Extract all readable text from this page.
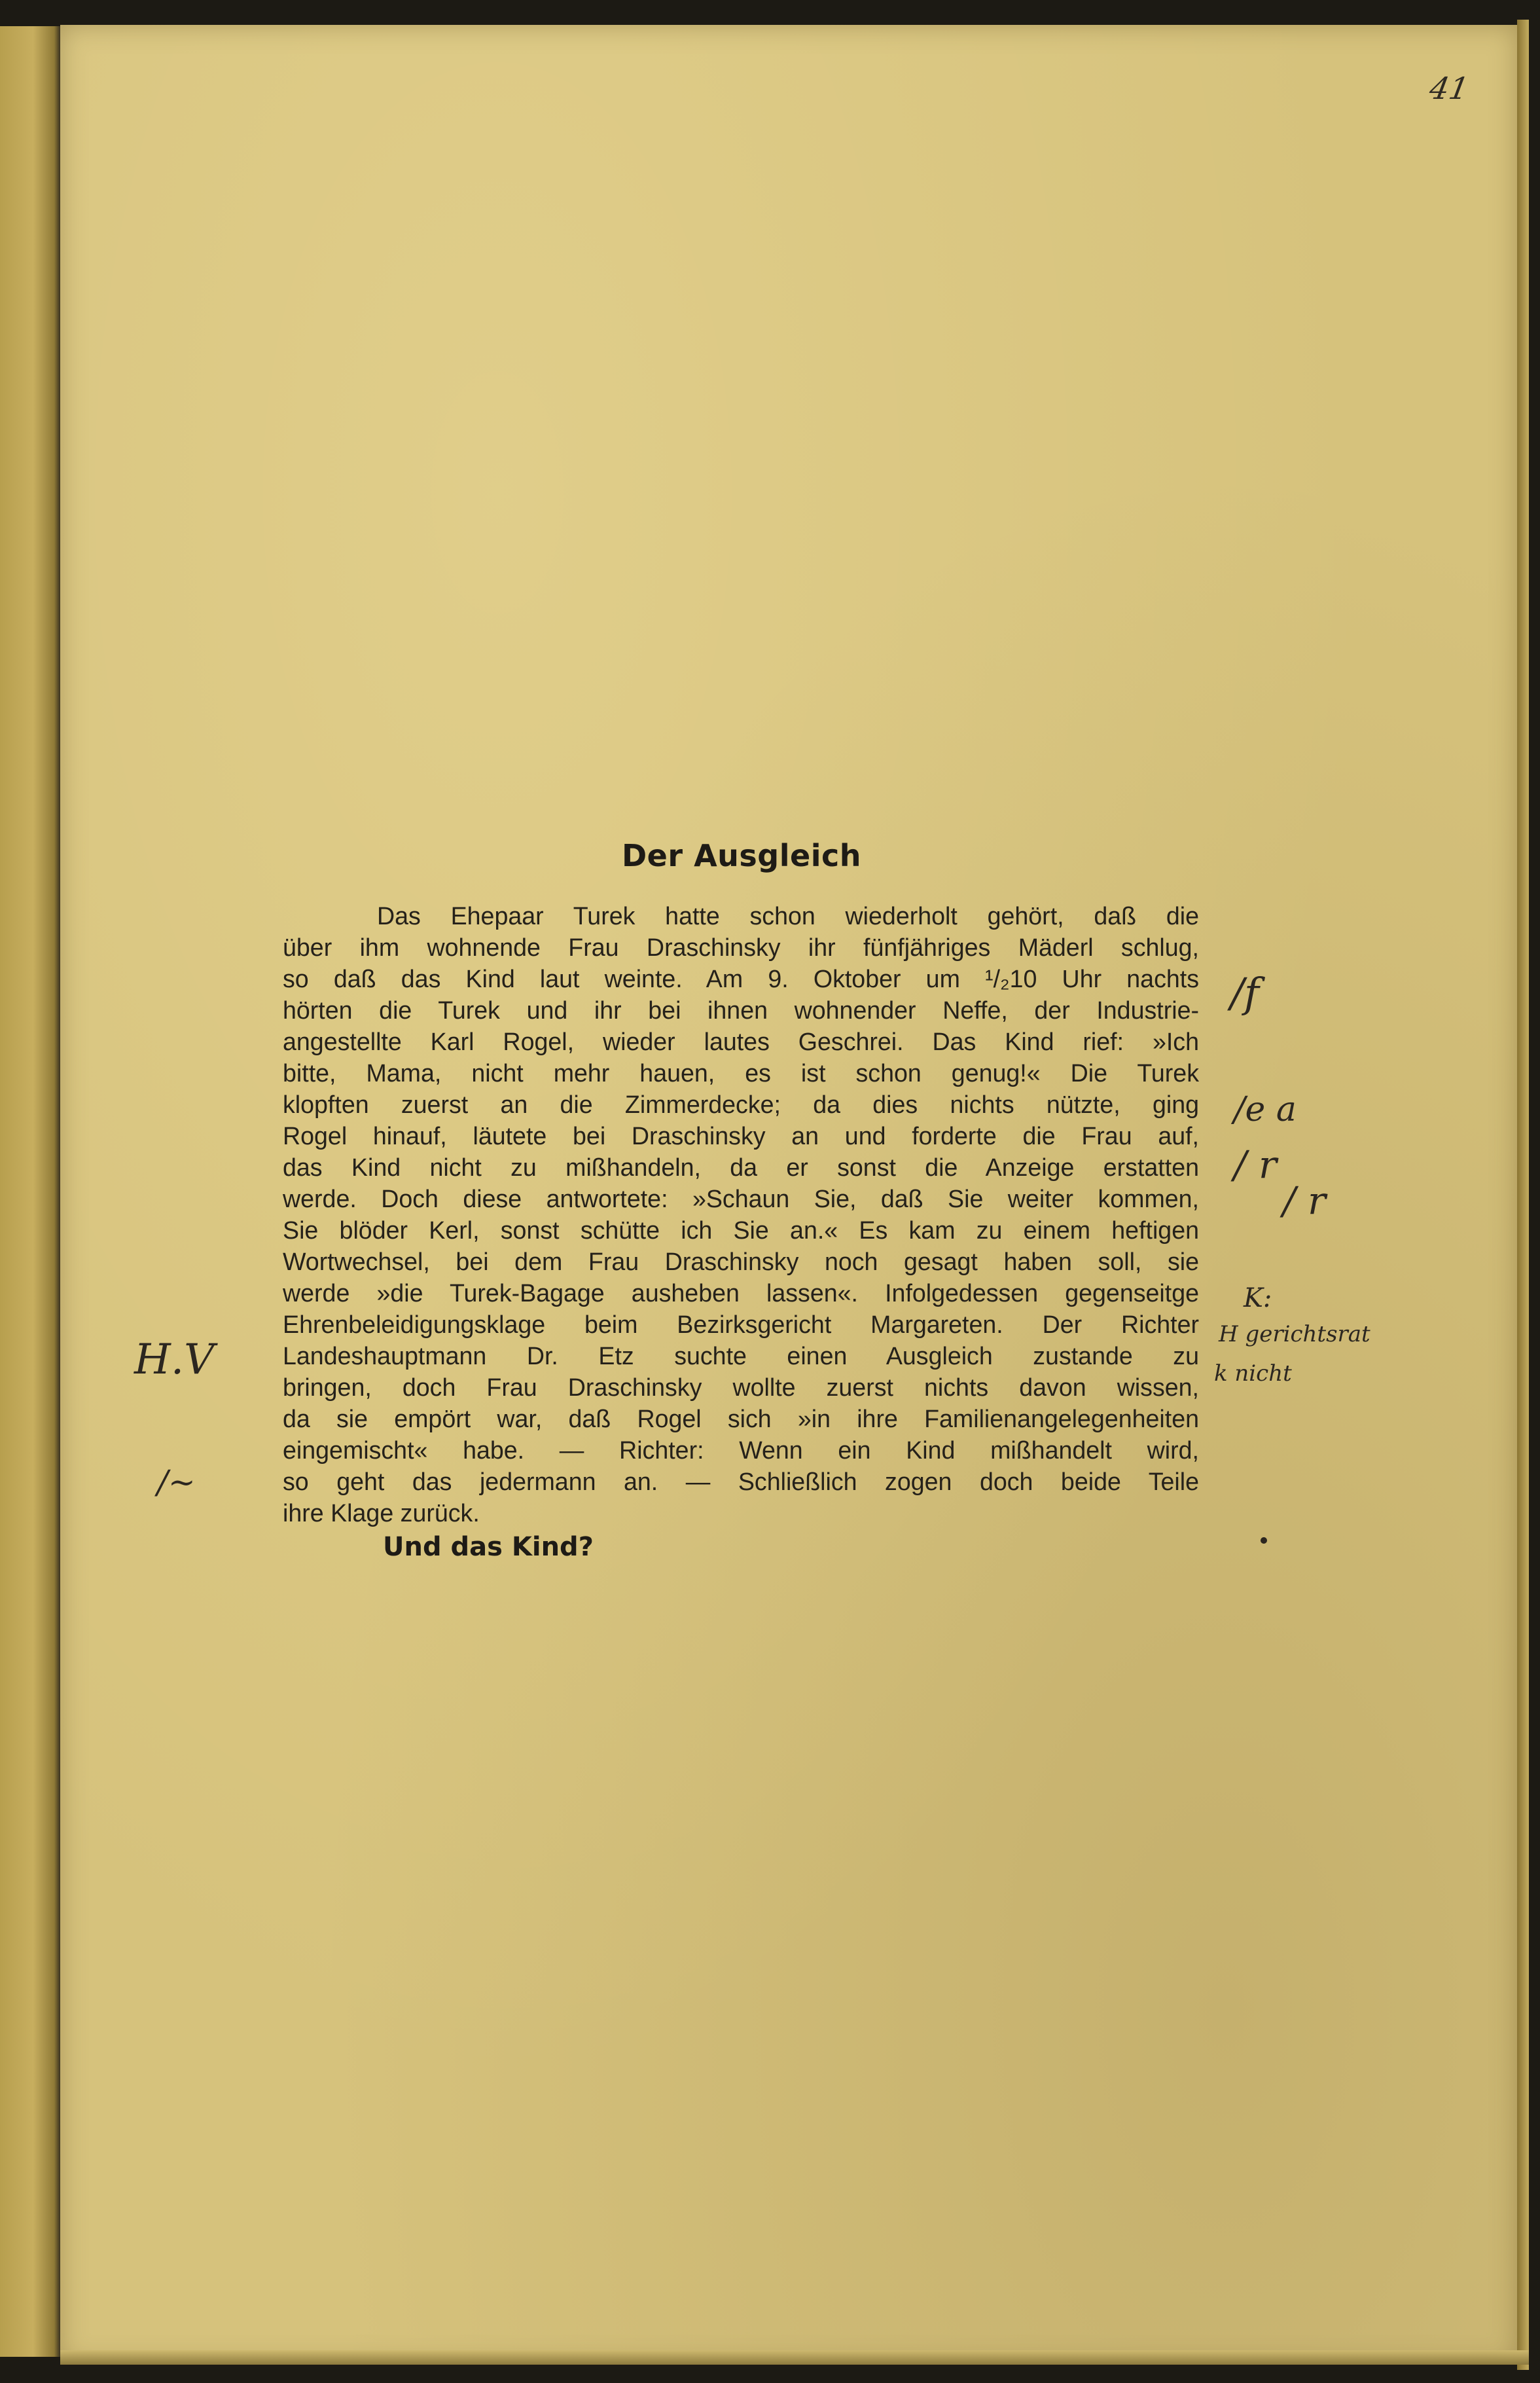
41
Der Ausgleich
Das Ehepaar Turek hatte schon wiederholt gehört, daß die
über ihm wohnende Frau Draschinsky ihr fünfjähriges Mäderl schlug,
so daß das Kind laut weinte. Am 9. Oktober um ¹/₂10 Uhr nachts
hörten die Turek und ihr bei ihnen wohnender Neffe, der Industrie-
angestellte Karl Rogel, wieder lautes Geschrei. Das Kind rief: »Ich
bitte, Mama, nicht mehr hauen, es ist schon genug!« Die Turek
klopften zuerst an die Zimmerdecke; da dies nichts nützte, ging
Rogel hinauf, läutete bei Draschinsky an und forderte die Frau auf,
das Kind nicht zu mißhandeln, da er sonst die Anzeige erstatten
werde. Doch diese antwortete: »Schaun Sie, daß Sie weiter kommen,
Sie blöder Kerl, sonst schütte ich Sie an.« Es kam zu einem heftigen
Wortwechsel, bei dem Frau Draschinsky noch gesagt haben soll, sie
werde »die Turek-Bagage ausheben lassen«. Infolgedessen gegenseitge
Ehrenbeleidigungsklage beim Bezirksgericht Margareten. Der Richter
Landeshauptmann Dr. Etz suchte einen Ausgleich zustande zu
bringen, doch Frau Draschinsky wollte zuerst nichts davon wissen,
da sie empört war, daß Rogel sich »in ihre Familienangelegenheiten
eingemischt« habe. — Richter: Wenn ein Kind mißhandelt wird,
so geht das jedermann an. — Schließlich zogen doch beide Teile
ihre Klage zurück.
Und das Kind?
/f
/e a
/ r
/ r
K:
H gerichtsrat
k nicht
H.V
/~
